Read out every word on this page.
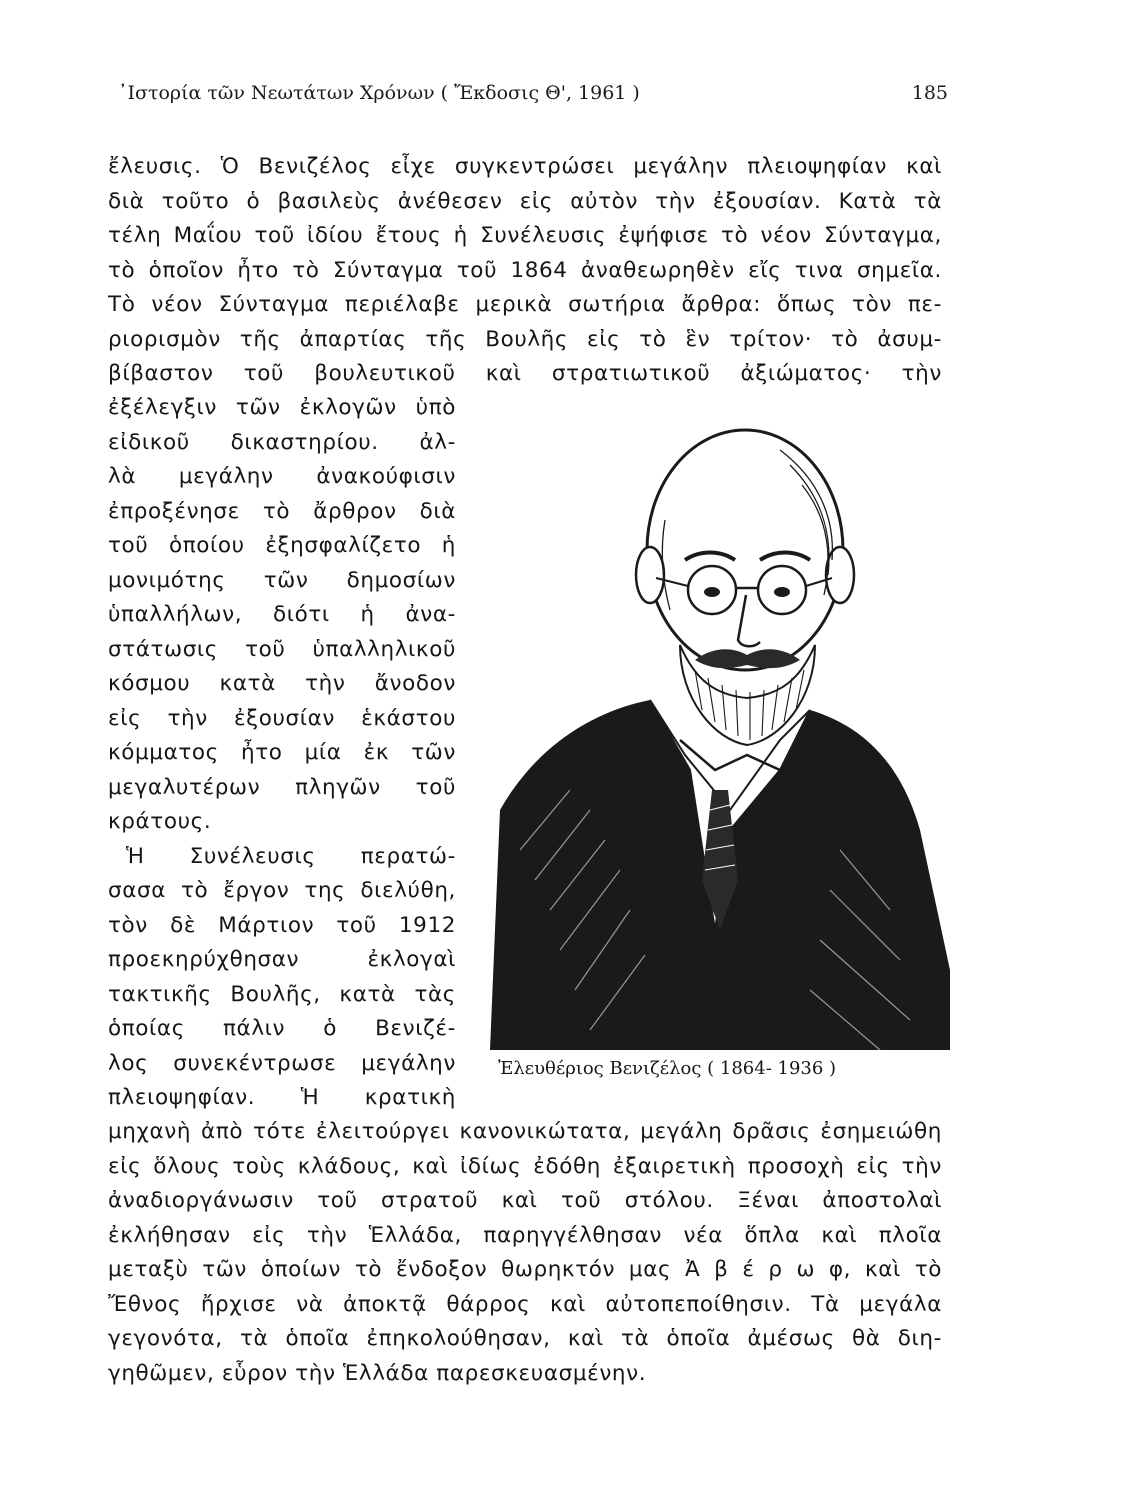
᾿Ιστορία τῶν Νεωτάτων Χρόνων ( Ἔκδοσις Θ', 1961 )	185
ἔλευσις. Ὁ Βενιζέλος εἶχε συγκεντρώσει μεγάλην πλειοψηφίαν καὶ
διὰ τοῦτο ὁ βασιλεὺς ἀνέθεσεν εἰς αὐτὸν τὴν ἐξουσίαν. Κατὰ τὰ
τέλη Μαΐου τοῦ ἰδίου ἔτους ἡ Συνέλευσις ἐψήφισε τὸ νέον Σύνταγμα,
τὸ ὁποῖον ἦτο τὸ Σύνταγμα τοῦ 1864 ἀναθεωρηθὲν εἴς τινα σημεῖα.
Τὸ νέον Σύνταγμα περιέλαβε μερικὰ σωτήρια ἄρθρα: ὅπως τὸν πε-
ριορισμὸν τῆς ἀπαρτίας τῆς Βουλῆς εἰς τὸ ἓν τρίτον· τὸ ἀσυμ-
βίβαστον τοῦ βουλευτικοῦ καὶ στρατιωτικοῦ ἀξιώματος· τὴν
ἐξέλεγξιν τῶν ἐκλογῶν ὑπὸ
εἰδικοῦ δικαστηρίου. ἀλ-
λὰ μεγάλην ἀνακούφισιν
ἐπροξένησε τὸ ἄρθρον διὰ
τοῦ ὁποίου ἐξησφαλίζετο ἡ
μονιμότης τῶν δημοσίων
ὑπαλλήλων, διότι ἡ ἀνα-
στάτωσις τοῦ ὑπαλληλικοῦ
κόσμου κατὰ τὴν ἄνοδον
εἰς τὴν ἐξουσίαν ἑκάστου
κόμματος ἦτο μία ἐκ τῶν
μεγαλυτέρων πληγῶν τοῦ
κράτους.
Ἡ Συνέλευσις περατώ-
σασα τὸ ἔργον της διελύθη,
τὸν δὲ Μάρτιον τοῦ 1912
προεκηρύχθησαν ἐκλογαὶ
τακτικῆς Βουλῆς, κατὰ τὰς
ὁποίας πάλιν ὁ Βενιζέ-
λος συνεκέντρωσε μεγάλην
πλειοψηφίαν. Ἡ κρατικὴ
μηχανὴ ἀπὸ τότε ἐλειτούργει κανονικώτατα, μεγάλη δρᾶσις ἐσημειώθη
εἰς ὅλους τοὺς κλάδους, καὶ ἰδίως ἐδόθη ἐξαιρετικὴ προσοχὴ εἰς τὴν
ἀναδιοργάνωσιν τοῦ στρατοῦ καὶ τοῦ στόλου. Ξέναι ἀποστολαὶ
ἐκλήθησαν εἰς τὴν Ἑλλάδα, παρηγγέλθησαν νέα ὅπλα καὶ πλοῖα
μεταξὺ τῶν ὁποίων τὸ ἔνδοξον θωρηκτόν μας Ἀ β έ ρ ω φ, καὶ τὸ
Ἔθνος ἤρχισε νὰ ἀποκτᾷ θάρρος καὶ αὐτοπεποίθησιν. Τὰ μεγάλα
γεγονότα, τὰ ὁποῖα ἐπηκολούθησαν, καὶ τὰ ὁποῖα ἀμέσως θὰ διη-
γηθῶμεν, εὗρον τὴν Ἑλλάδα παρεσκευασμένην.
Ἐλευθέριος Βενιζέλος ( 1864- 1936 )
